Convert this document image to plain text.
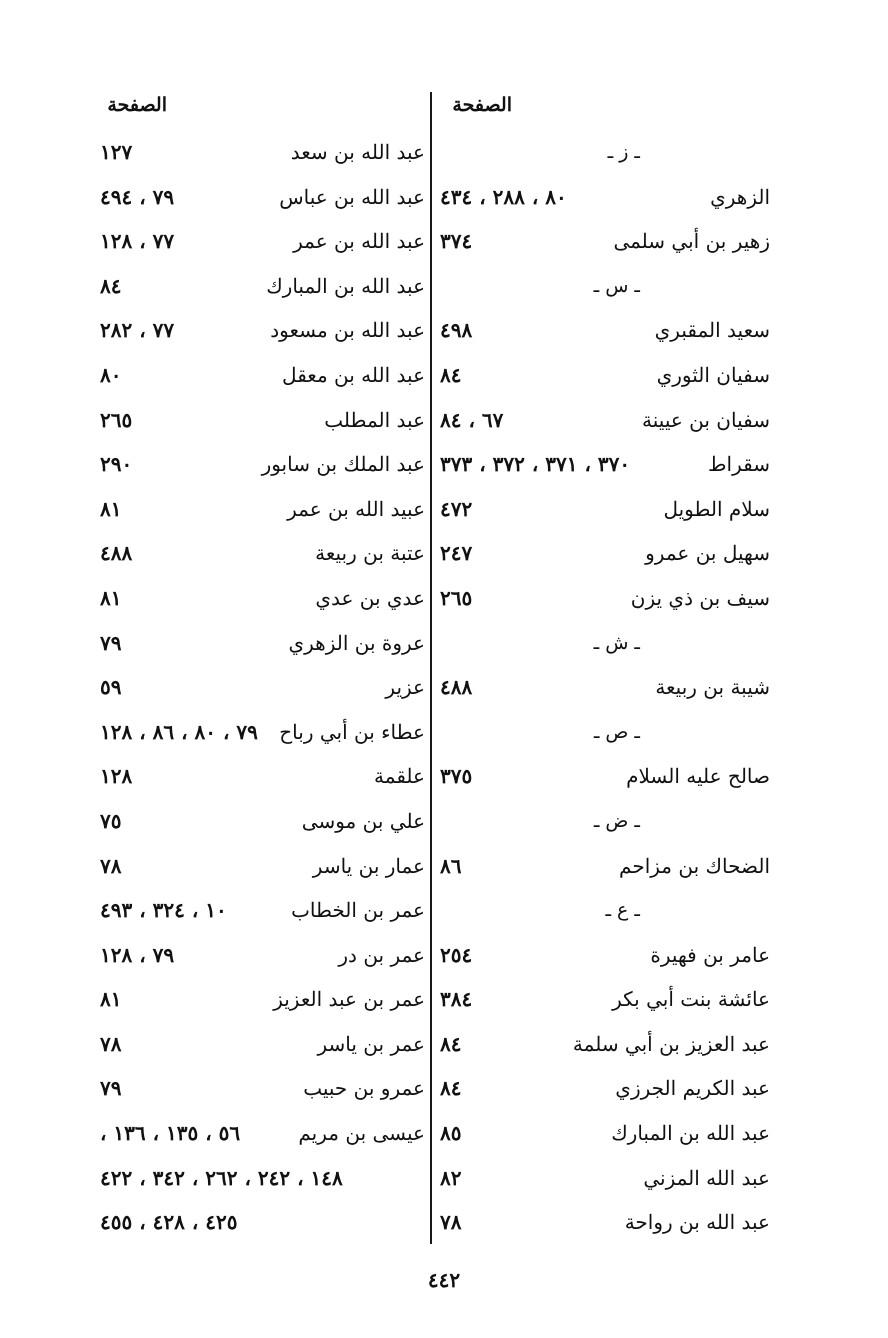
الصفحة
ـ ز ـ
الزهري
٨٠ ، ٢٨٨ ، ٤٣٤
زهير بن أبي سلمى
٣٧٤
ـ س ـ
سعيد المقبري
٤٩٨
سفيان الثوري
٨٤
سفيان بن عيينة
٦٧ ، ٨٤
سقراط
٣٧٠ ، ٣٧١ ، ٣٧٢ ، ٣٧٣
سلام الطويل
٤٧٢
سهيل بن عمرو
٢٤٧
سيف بن ذي يزن
٢٦٥
ـ ش ـ
شيبة بن ربيعة
٤٨٨
ـ ص ـ
صالح عليه السلام
٣٧٥
ـ ض ـ
الضحاك بن مزاحم
٨٦
ـ ع ـ
عامر بن فهيرة
٢٥٤
عائشة بنت أبي بكر
٣٨٤
عبد العزيز بن أبي سلمة
٨٤
عبد الكريم الجرزي
٨٤
عبد الله بن المبارك
٨٥
عبد الله المزني
٨٢
عبد الله بن رواحة
٧٨
الصفحة
عبد الله بن سعد
١٢٧
عبد الله بن عباس
٧٩ ، ٤٩٤
عبد الله بن عمر
٧٧ ، ١٢٨
عبد الله بن المبارك
٨٤
عبد الله بن مسعود
٧٧ ، ٢٨٢
عبد الله بن معقل
٨٠
عبد المطلب
٢٦٥
عبد الملك بن سابور
٢٩٠
عبيد الله بن عمر
٨١
عتبة بن ربيعة
٤٨٨
عدي بن عدي
٨١
عروة بن الزهري
٧٩
عزير
٥٩
عطاء بن أبي رباح
٧٩ ، ٨٠ ، ٨٦ ، ١٢٨
علقمة
١٢٨
علي بن موسى
٧٥
عمار بن ياسر
٧٨
عمر بن الخطاب
١٠ ، ٣٢٤ ، ٤٩٣
عمر بن در
٧٩ ، ١٢٨
عمر بن عبد العزيز
٨١
عمر بن ياسر
٧٨
عمرو بن حبيب
٧٩
عيسى بن مريم
٥٦ ، ١٣٥ ، ١٣٦ ،
١٤٨ ، ٢٤٢ ، ٢٦٢ ، ٣٤٢ ، ٤٢٢
٤٢٥ ، ٤٢٨ ، ٤٥٥
٤٤٢
